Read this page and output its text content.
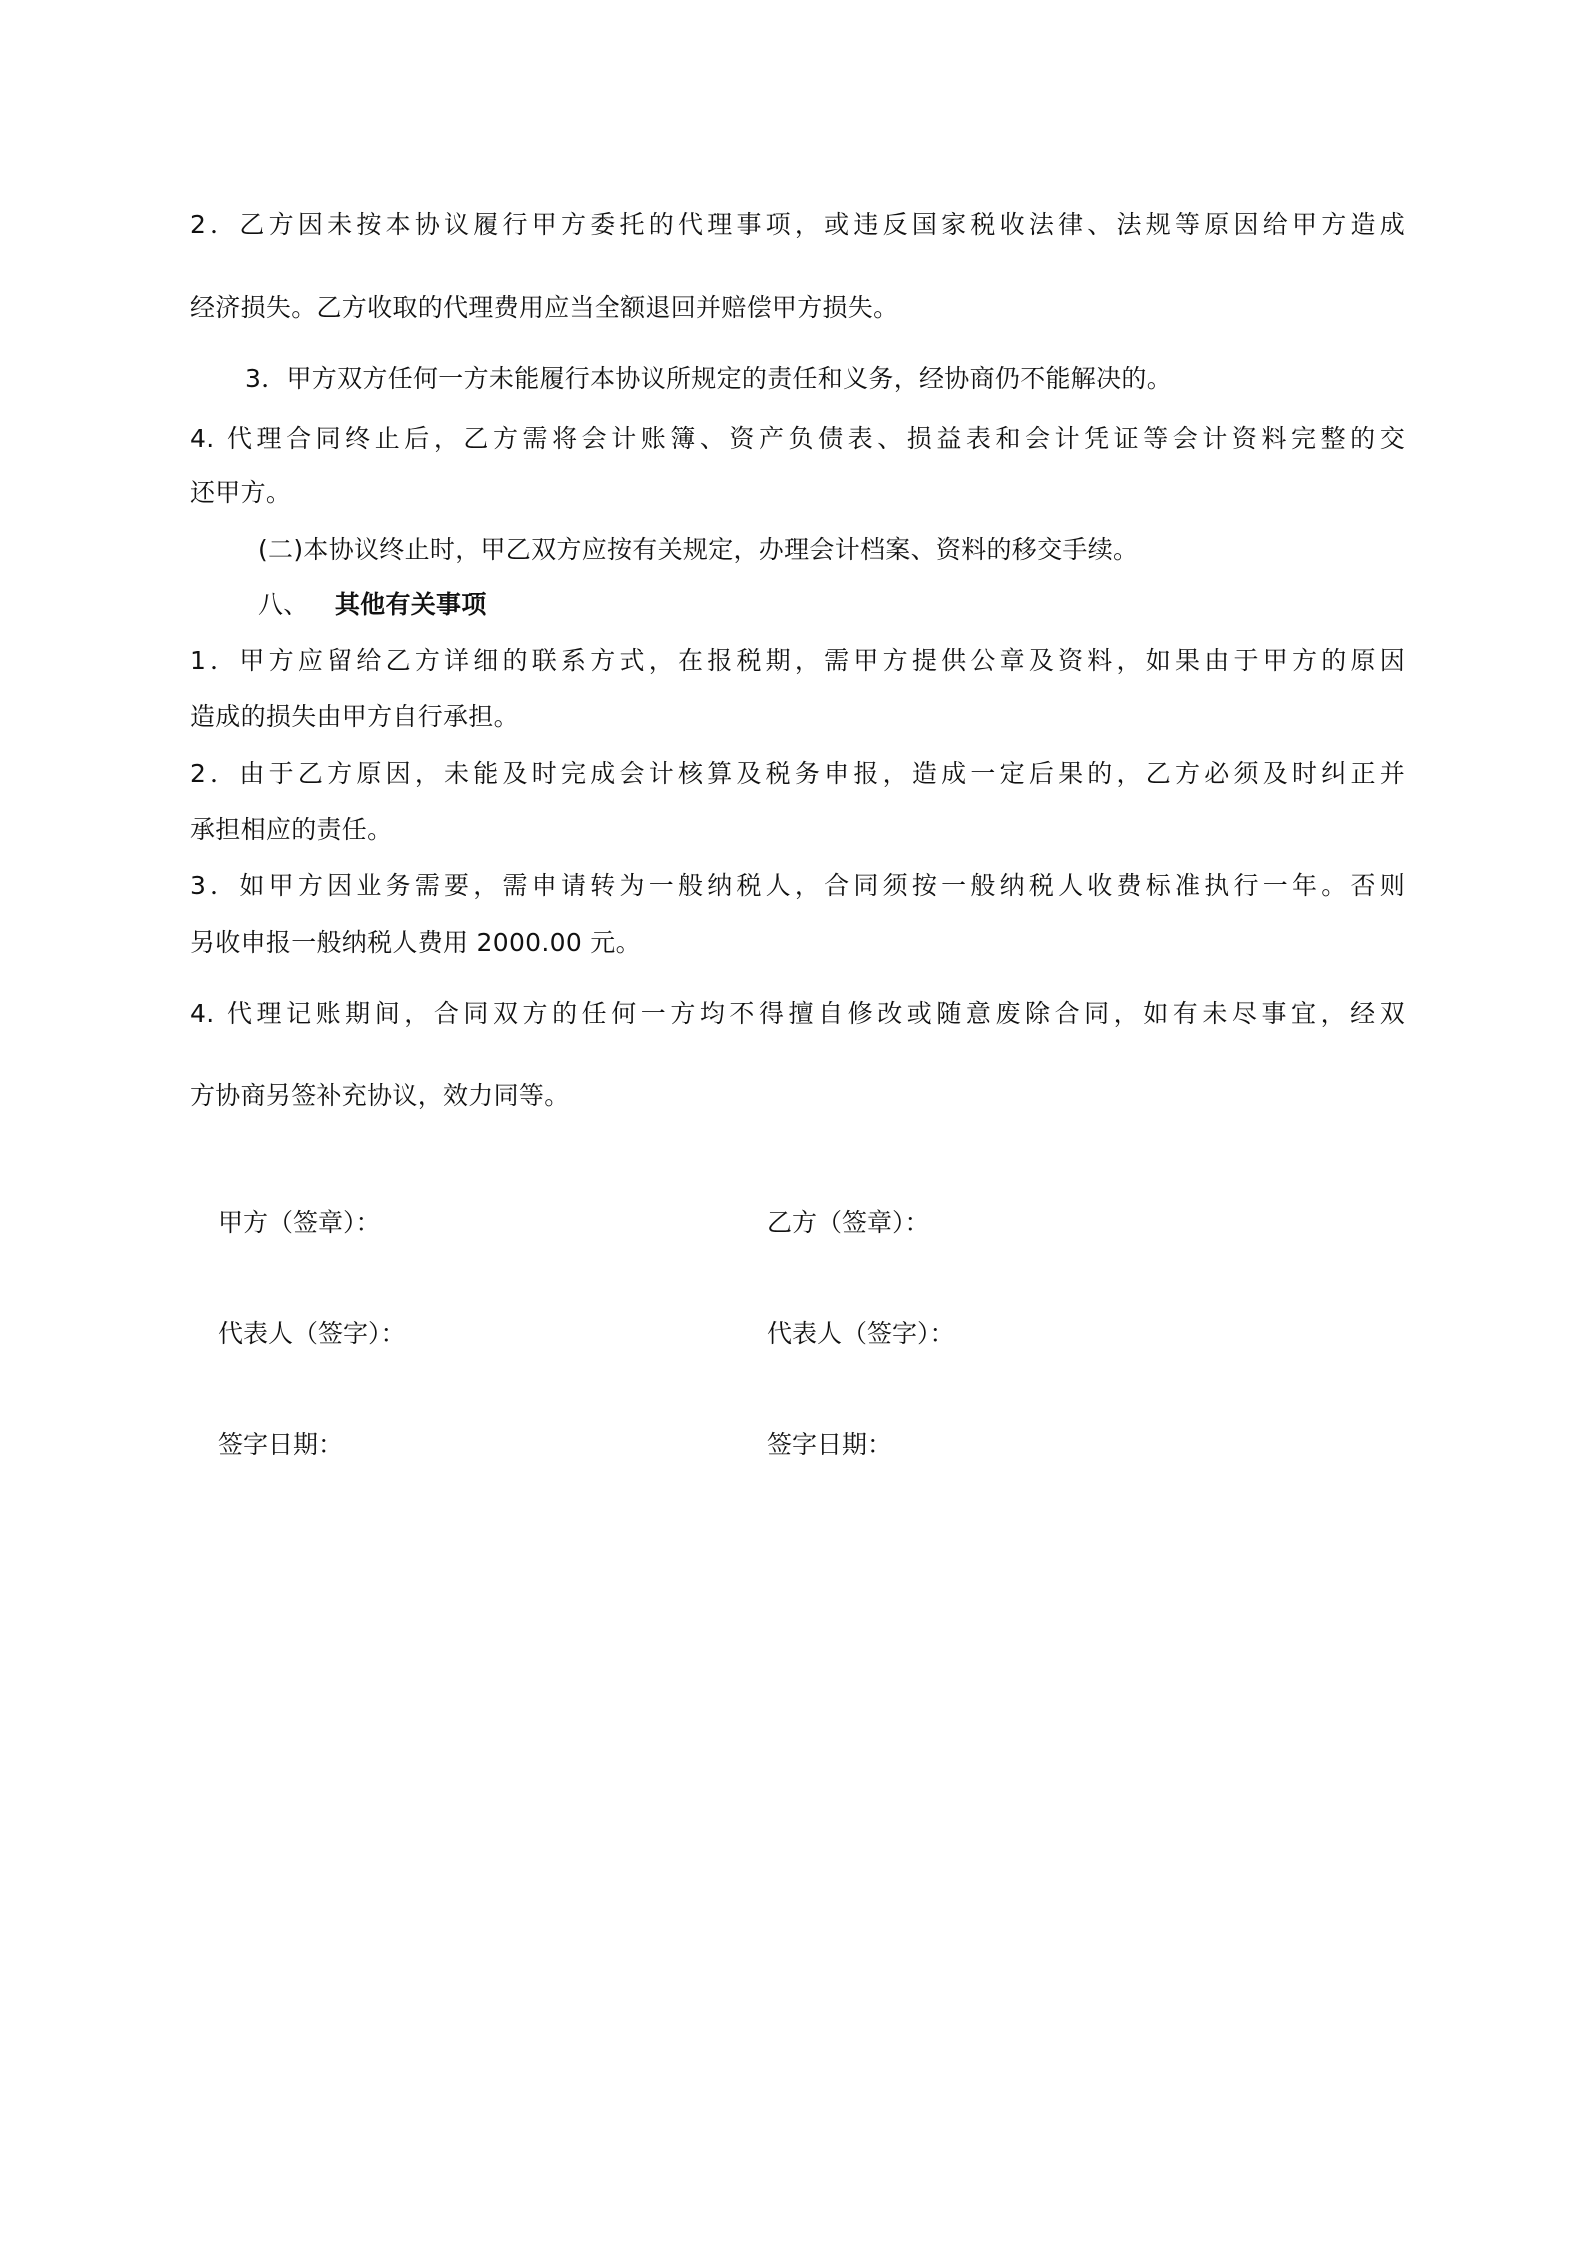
2．乙方因未按本协议履行甲方委托的代理事项，或违反国家税收法律、法规等原因给甲方造成
经济损失。乙方收取的代理费用应当全额退回并赔偿甲方损失。
3．甲方双方任何一方未能履行本协议所规定的责任和义务，经协商仍不能解决的。
4. 代理合同终止后，乙方需将会计账簿、资产负债表、损益表和会计凭证等会计资料完整的交
还甲方。
(二)本协议终止时，甲乙双方应按有关规定，办理会计档案、资料的移交手续。
八、 其他有关事项
1．甲方应留给乙方详细的联系方式，在报税期，需甲方提供公章及资料，如果由于甲方的原因
造成的损失由甲方自行承担。
2．由于乙方原因，未能及时完成会计核算及税务申报，造成一定后果的，乙方必须及时纠正并
承担相应的责任。
3．如甲方因业务需要，需申请转为一般纳税人，合同须按一般纳税人收费标准执行一年。否则
另收申报一般纳税人费用 2000.00 元。
4. 代理记账期间，合同双方的任何一方均不得擅自修改或随意废除合同，如有未尽事宜，经双
方协商另签补充协议，效力同等。
甲方（签章）：	乙方（签章）：
代表人（签字）：	代表人（签字）：
签字日期：	签字日期：
